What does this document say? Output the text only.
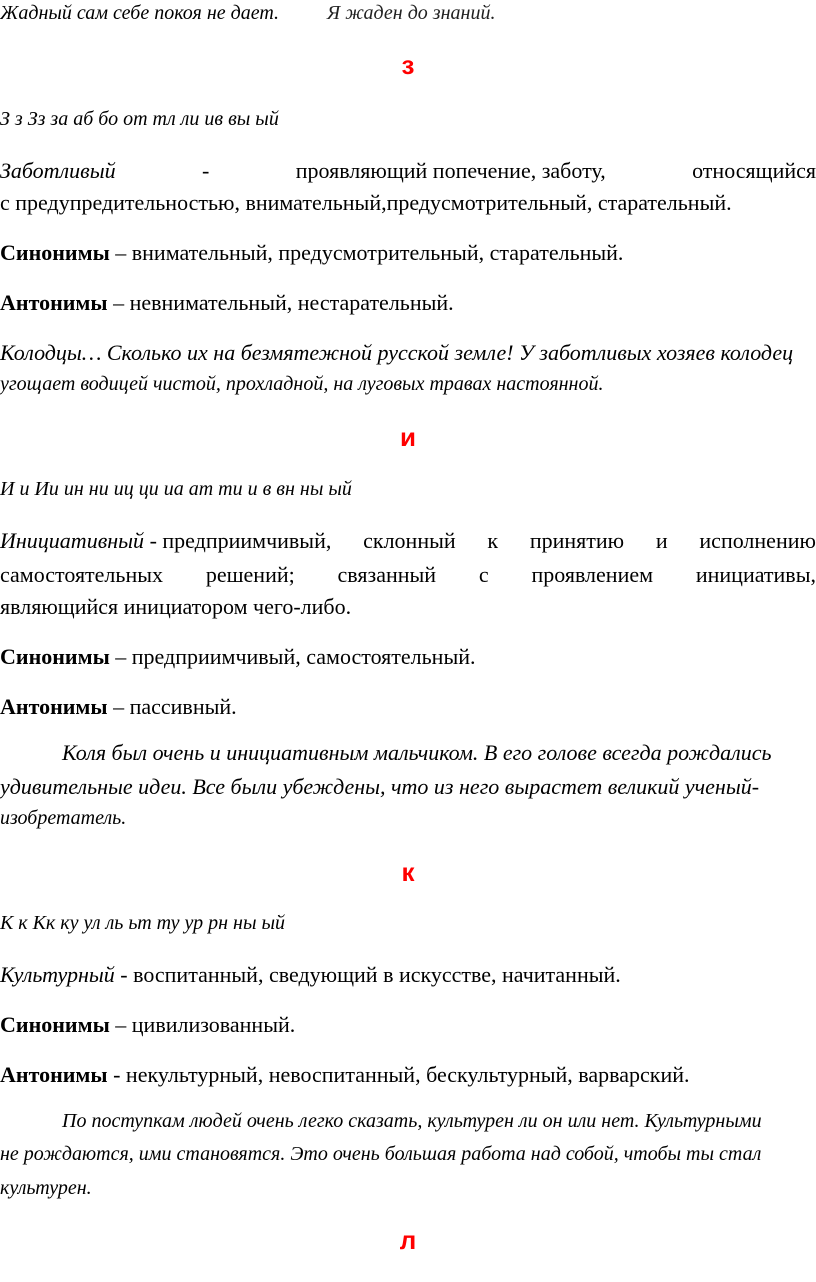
Жадный сам себе покоя не дает. Я жаден до знаний.
з
З з Зз за аб бо от тл ли ив вы ый
Заботливый	-	проявляющий попечение, заботу,	относящийся
с предупредительностью, внимательный,предусмотрительный, старательный.
Синонимы – внимательный, предусмотрительный, старательный.
Антонимы – невнимательный, нестарательный.
Колодцы… Сколько их на безмятежной русской земле! У заботливых хозяев колодец
угощает водицей чистой, прохладной, на луговых травах настоянной.
и
И и Ии ин ни иц ци иа ат ти и в вн ны ый
Инициативный - предприимчивый, склонный к принятию и исполнению
самостоятельных решений; связанный с проявлением инициативы,
являющийся инициатором чего-либо.
Синонимы – предприимчивый, самостоятельный.
Антонимы – пассивный.
Коля был очень и инициативным мальчиком. В его голове всегда рождались
удивительные идеи. Все были убеждены, что из него вырастет великий ученый-
изобретатель.
к
К к Кк ку ул ль ьт ту ур рн ны ый
Культурный - воспитанный, сведующий в искусстве, начитанный.
Синонимы – цивилизованный.
Антонимы - некультурный, невоспитанный, бескультурный, варварский.
По поступкам людей очень легко сказать, культурен ли он или нет. Культурными
не рождаются, ими становятся. Это очень большая работа над собой, чтобы ты стал
культурен.
л
